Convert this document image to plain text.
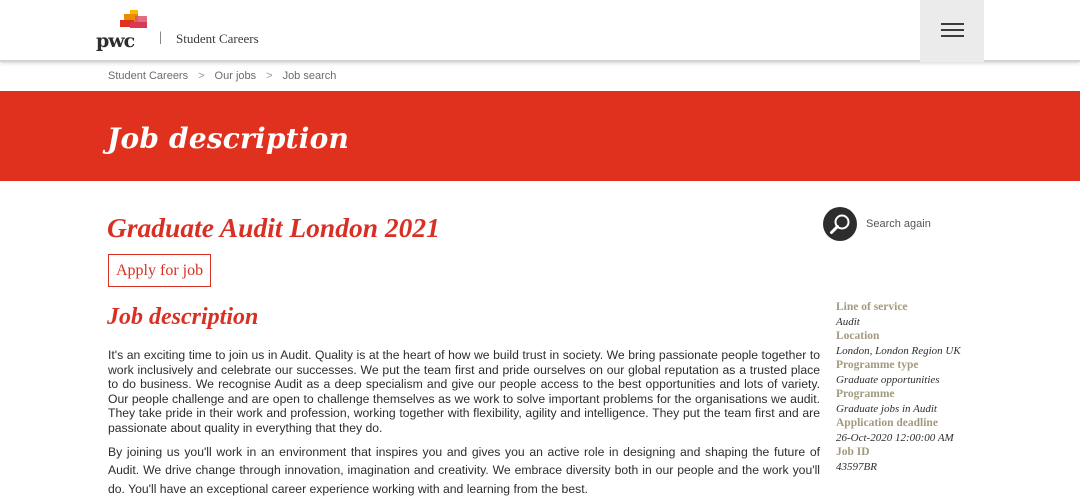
pwc | Student Careers
Student Careers > Our jobs > Job search
Job description
Graduate Audit London 2021
Apply for job
Job description

It's an exciting time to join us in Audit. Quality is at the heart of how we build trust in society. We bring passionate people together to work inclusively and celebrate our successes. We put the team first and pride ourselves on our global reputation as a trusted place to do business. We recognise Audit as a deep specialism and give our people access to the best opportunities and lots of variety. Our people challenge and are open to challenge themselves as we work to solve important problems for the organisations we audit. They take pride in their work and profession, working together with flexibility, agility and intelligence. They put the team first and are passionate about quality in everything that they do.

By joining us you'll work in an environment that inspires you and gives you an active role in designing and shaping the future of Audit. We drive change through innovation, imagination and creativity. We embrace diversity both in our people and the work you'll do. You'll have an exceptional career experience working with and learning from the best.

Search again
Line of service
Audit
Location
London, London Region UK
Programme type
Graduate opportunities
Programme
Graduate jobs in Audit
Application deadline
26-Oct-2020 12:00:00 AM
Job ID
43597BR
